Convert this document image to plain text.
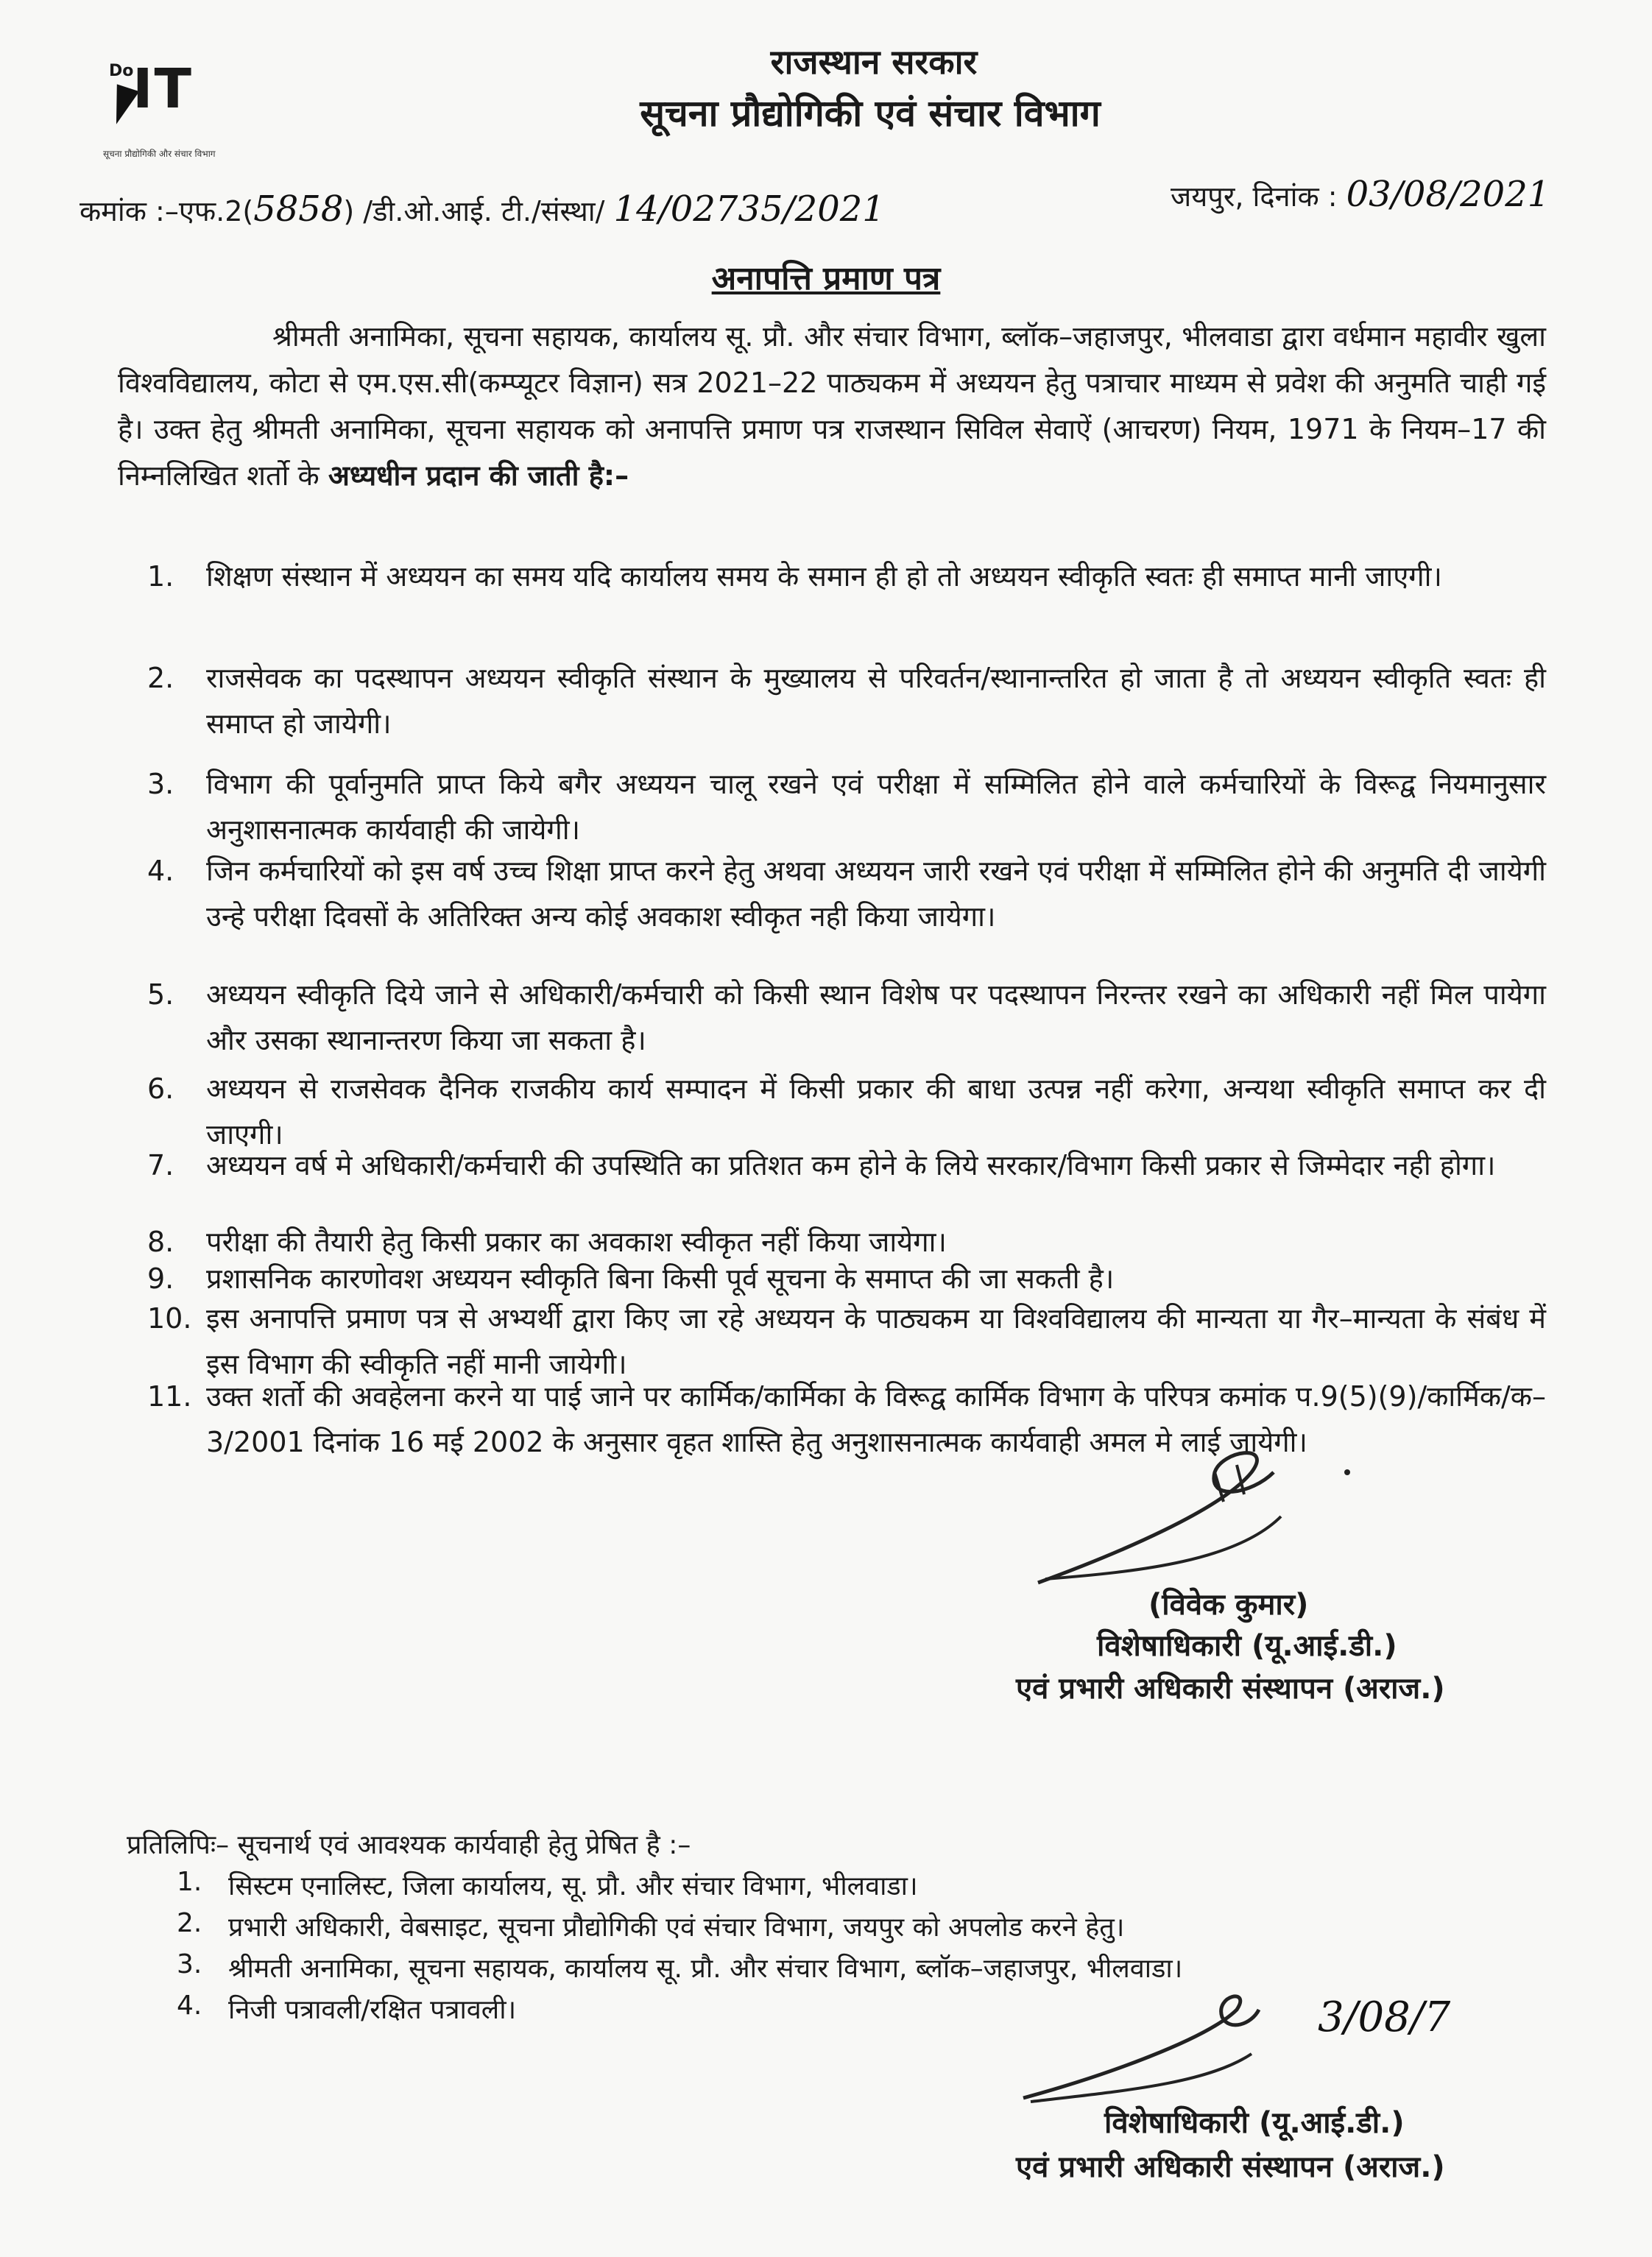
Do
IT
सूचना प्रौद्योगिकी और संचार विभाग
राजस्थान सरकार
सूचना प्रौद्योगिकी एवं संचार विभाग
कमांक :–एफ.2(5858) /डी.ओ.आई. टी./संस्था/ 14/02735/2021	जयपुर, दिनांक : 03/08/2021
अनापत्ति प्रमाण पत्र
श्रीमती अनामिका, सूचना सहायक, कार्यालय सू. प्रौ. और संचार विभाग, ब्लॉक–जहाजपुर, भीलवाडा द्वारा वर्धमान महावीर खुला विश्वविद्यालय, कोटा से एम.एस.सी(कम्प्यूटर विज्ञान) सत्र 2021–22 पाठ्यकम में अध्ययन हेतु पत्राचार माध्यम से प्रवेश की अनुमति चाही गई है। उक्त हेतु श्रीमती अनामिका, सूचना सहायक को अनापत्ति प्रमाण पत्र राजस्थान सिविल सेवाऐं (आचरण) नियम, 1971 के नियम–17 की निम्नलिखित शर्तो के अध्यधीन प्रदान की जाती है:–
1.	शिक्षण संस्थान में अध्ययन का समय यदि कार्यालय समय के समान ही हो तो अध्ययन स्वीकृति स्वतः ही समाप्त मानी जाएगी।
2.	राजसेवक का पदस्थापन अध्ययन स्वीकृति संस्थान के मुख्यालय से परिवर्तन/स्थानान्तरित हो जाता है तो अध्ययन स्वीकृति स्वतः ही समाप्त हो जायेगी।
3.	विभाग की पूर्वानुमति प्राप्त किये बगैर अध्ययन चालू रखने एवं परीक्षा में सम्मिलित होने वाले कर्मचारियों के विरूद्व नियमानुसार अनुशासनात्मक कार्यवाही की जायेगी।
4.	जिन कर्मचारियों को इस वर्ष उच्च शिक्षा प्राप्त करने हेतु अथवा अध्ययन जारी रखने एवं परीक्षा में सम्मिलित होने की अनुमति दी जायेगी उन्हे परीक्षा दिवसों के अतिरिक्त अन्य कोई अवकाश स्वीकृत नही किया जायेगा।
5.	अध्ययन स्वीकृति दिये जाने से अधिकारी/कर्मचारी को किसी स्थान विशेष पर पदस्थापन निरन्तर रखने का अधिकारी नहीं मिल पायेगा और उसका स्थानान्तरण किया जा सकता है।
6.	अध्ययन से राजसेवक दैनिक राजकीय कार्य सम्पादन में किसी प्रकार की बाधा उत्पन्न नहीं करेगा, अन्यथा स्वीकृति समाप्त कर दी जाएगी।
7.	अध्ययन वर्ष मे अधिकारी/कर्मचारी की उपस्थिति का प्रतिशत कम होने के लिये सरकार/विभाग किसी प्रकार से जिम्मेदार नही होगा।
8.	परीक्षा की तैयारी हेतु किसी प्रकार का अवकाश स्वीकृत नहीं किया जायेगा।
9.	प्रशासनिक कारणोवश अध्ययन स्वीकृति बिना किसी पूर्व सूचना के समाप्त की जा सकती है।
10. इस अनापत्ति प्रमाण पत्र से अभ्यर्थी द्वारा किए जा रहे अध्ययन के पाठ्यकम या विश्वविद्यालय की मान्यता या गैर–मान्यता के संबंध में इस विभाग की स्वीकृति नहीं मानी जायेगी।
11. उक्त शर्तो की अवहेलना करने या पाई जाने पर कार्मिक/कार्मिका के विरूद्व कार्मिक विभाग के परिपत्र कमांक प.9(5)(9)/कार्मिक/क–3/2001 दिनांक 16 मई 2002 के अनुसार वृहत शास्ति हेतु अनुशासनात्मक कार्यवाही अमल मे लाई जायेगी।
(विवेक कुमार)
विशेषाधिकारी (यू.आई.डी.)
एवं प्रभारी अधिकारी संस्थापन (अराज.)
प्रतिलिपिः– सूचनार्थ एवं आवश्यक कार्यवाही हेतु प्रेषित है :–
1. सिस्टम एनालिस्ट, जिला कार्यालय, सू. प्रौ. और संचार विभाग, भीलवाडा।
2. प्रभारी अधिकारी, वेबसाइट, सूचना प्रौद्योगिकी एवं संचार विभाग, जयपुर को अपलोड करने हेतु।
3. श्रीमती अनामिका, सूचना सहायक, कार्यालय सू. प्रौ. और संचार विभाग, ब्लॉक–जहाजपुर, भीलवाडा।
4. निजी पत्रावली/रक्षित पत्रावली।	3/08/7
विशेषाधिकारी (यू.आई.डी.)
एवं प्रभारी अधिकारी संस्थापन (अराज.)
